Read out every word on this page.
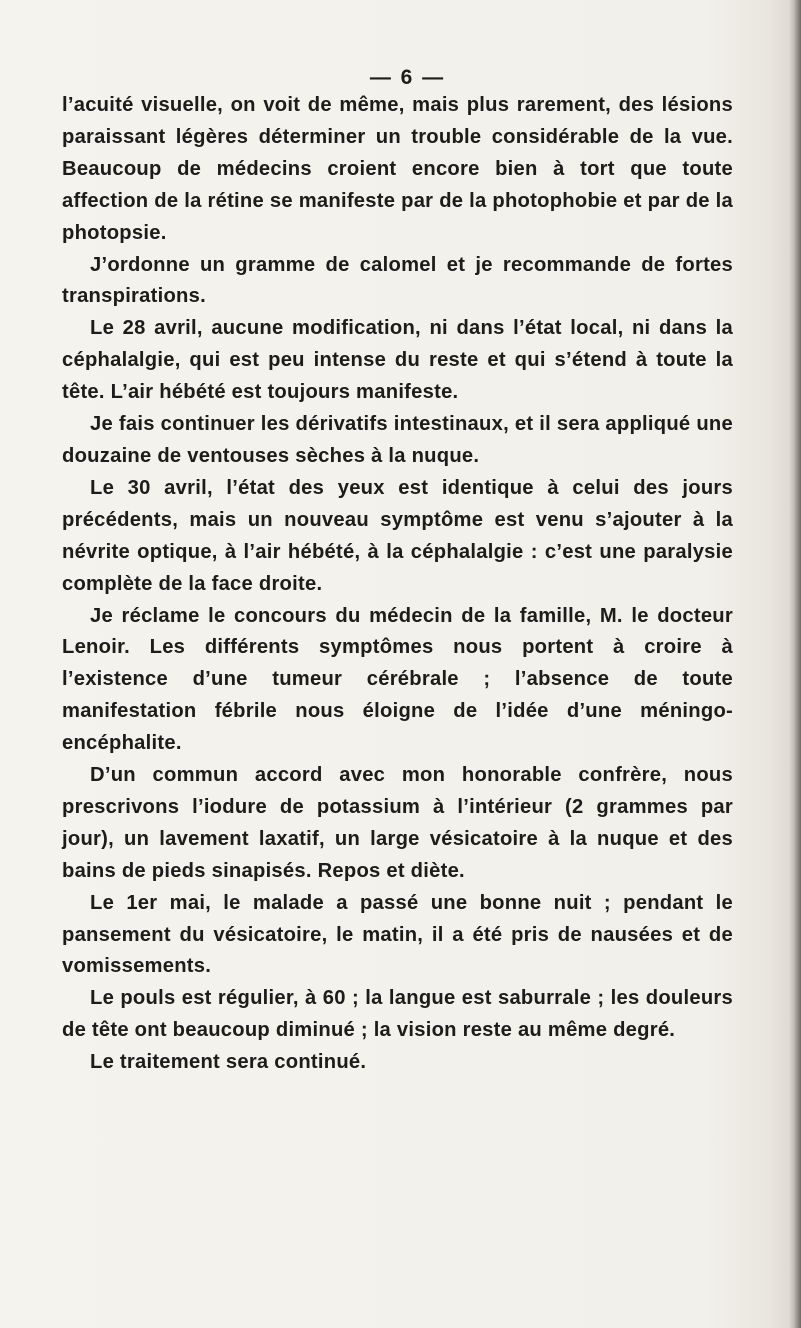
— 6 —

l’acuité visuelle, on voit de même, mais plus rarement, des lésions paraissant légères déterminer un trouble considérable de la vue. Beaucoup de médecins croient encore bien à tort que toute affection de la rétine se manifeste par de la photophobie et par de la photopsie.

J’ordonne un gramme de calomel et je recommande de fortes transpirations.

Le 28 avril, aucune modification, ni dans l’état local, ni dans la céphalalgie, qui est peu intense du reste et qui s’étend à toute la tête. L’air hébété est toujours manifeste.

Je fais continuer les dérivatifs intestinaux, et il sera appliqué une douzaine de ventouses sèches à la nuque.

Le 30 avril, l’état des yeux est identique à celui des jours précédents, mais un nouveau symptôme est venu s’ajouter à la névrite optique, à l’air hébété, à la céphalalgie : c’est une paralysie complète de la face droite.

Je réclame le concours du médecin de la famille, M. le docteur Lenoir. Les différents symptômes nous portent à croire à l’existence d’une tumeur cérébrale ; l’absence de toute manifestation fébrile nous éloigne de l’idée d’une méningo-encéphalite.

D’un commun accord avec mon honorable confrère, nous prescrivons l’iodure de potassium à l’intérieur (2 grammes par jour), un lavement laxatif, un large vésicatoire à la nuque et des bains de pieds sinapisés. Repos et diète.

Le 1er mai, le malade a passé une bonne nuit ; pendant le pansement du vésicatoire, le matin, il a été pris de nausées et de vomissements.

Le pouls est régulier, à 60 ; la langue est saburrale ; les douleurs de tête ont beaucoup diminué ; la vision reste au même degré.

Le traitement sera continué.
